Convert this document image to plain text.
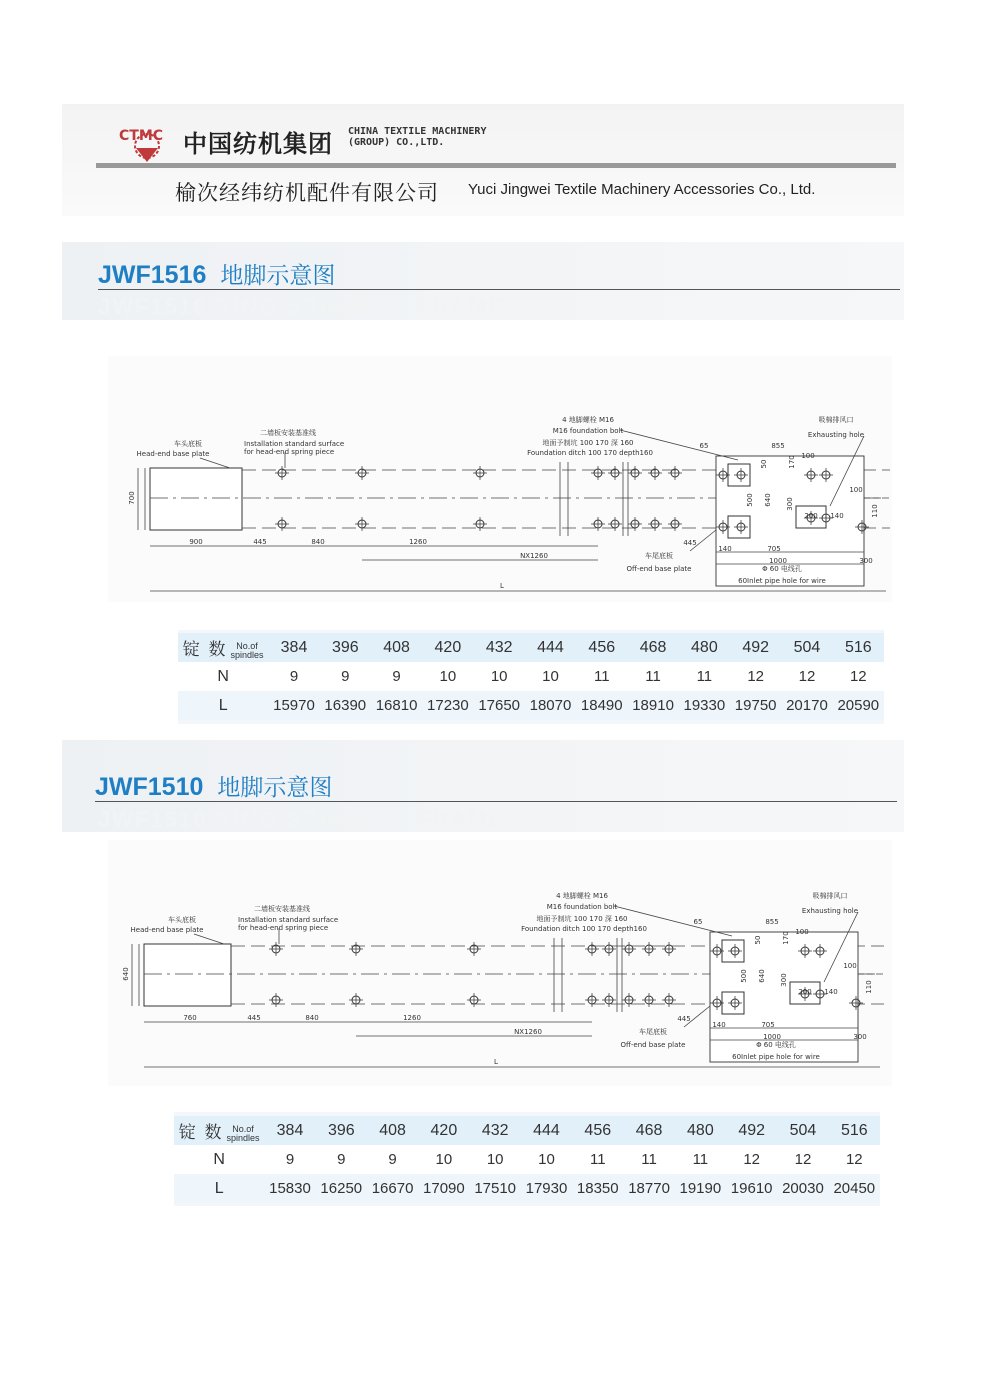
CTMC 中国纺机集团 CHINA TEXTILE MACHINERY
(GROUP) CO.,LTD.
榆次经纬纺机配件有限公司 Yuci Jingwei Textile Machinery Accessories Co., Ltd.
JWF1516 地脚示意图
JWF1516 RING SPINNING FRAME
车头底板
Head-end base plate
二墙板安装基准线
Installation standard surface
for head-end spring piece
4 地脚螺栓 M16
M16 foundation bolt
地面予制坑 100 170 深 160
Foundation ditch 100 170 depth160
吸棉排风口
Exhausting hole
车尾底板
Off-end base plate	Φ 60 电线孔
60Inlet pipe hole for wire
700
900	445	840	1260
NX1260
L
65	855
50	170 100
500 640 300
200 140
100
110
445
140	705
1000	300
锭 数 No.of
spindles	384	396	408	420	432	444	456	468	480	492	504	516
N	9	9	9	10	10	10	11	11	11	12	12	12
L	15970	16390	16810	17230	17650	18070	18490	18910	19330	19750	20170	20590
JWF1510 地脚示意图
JWF1510 RING SPINNING FRAME
车头底板
Head-end base plate
二墙板安装基准线
Installation standard surface
for head-end spring piece
4 地脚螺栓 M16
M16 foundation bolt
地面予制坑 100 170 深 160
Foundation ditch 100 170 depth160
吸棉排风口
Exhausting hole
车尾底板
Off-end base plate	Φ 60 电线孔
60Inlet pipe hole for wire
640
760	445	840	1260
NX1260
L
65	855
50	170 100
500 640 300
200 140
100
110
445
140	705
1000	300
锭 数 No.of
spindles	384	396	408	420	432	444	456	468	480	492	504	516
N	9	9	9	10	10	10	11	11	11	12	12	12
L	15830	16250	16670	17090	17510	17930	18350	18770	19190	19610	20030	20450
